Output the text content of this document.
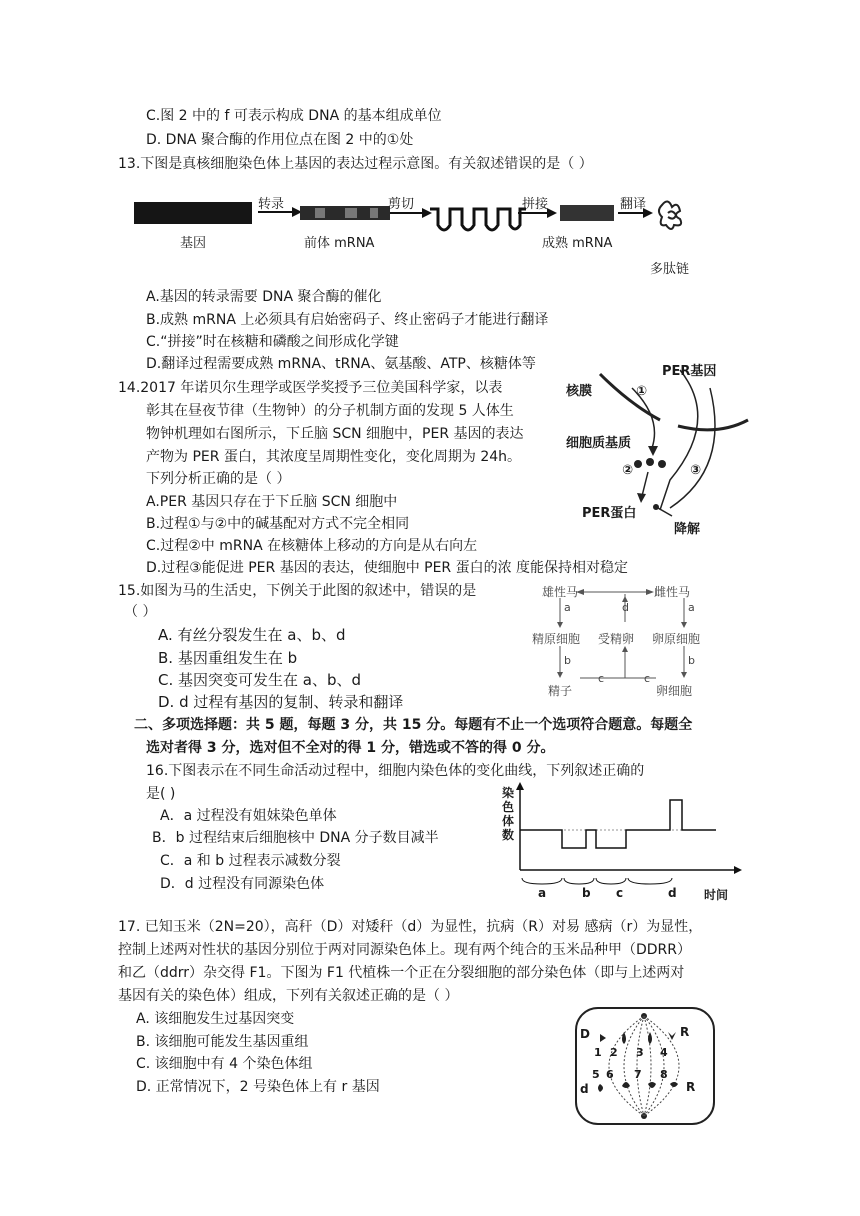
C.图 2 中的 f 可表示构成 DNA 的基本组成单位
D. DNA 聚合酶的作用位点在图 2 中的①处
13.下图是真核细胞染色体上基因的表达过程示意图。有关叙述错误的是（ ）
转录	剪切	拼接	翻译
基因	前体 mRNA	成熟 mRNA
多肽链
A.基因的转录需要 DNA 聚合酶的催化
B.成熟 mRNA 上必须具有启始密码子、终止密码子才能进行翻译
C.“拼接”时在核糖和磷酸之间形成化学键
D.翻译过程需要成熟 mRNA、tRNA、氨基酸、ATP、核糖体等
14.2017 年诺贝尔生理学或医学奖授予三位美国科学家，以表
彰其在昼夜节律（生物钟）的分子机制方面的发现 5 人体生
物钟机理如右图所示，下丘脑 SCN 细胞中，PER 基因的表达
产物为 PER 蛋白，其浓度呈周期性变化，变化周期为 24h。
下列分析正确的是（ ）
A.PER 基因只存在于下丘脑 SCN 细胞中
B.过程①与②中的碱基配对方式不完全相同
C.过程②中 mRNA 在核糖体上移动的方向是从右向左
D.过程③能促进 PER 基因的表达，使细胞中 PER 蛋白的浓 度能保持相对稳定
PER基因
核膜	①
细胞质基质
②	③
PER蛋白
降解
15.如图为马的生活史，下例关于此图的叙述中，错误的是
（ ）
A. 有丝分裂发生在 a、b、d
B. 基因重组发生在 b
C. 基因突变可发生在 a、b、d
D. d 过程有基因的复制、转录和翻译
雄性马	雌性马
a	d	a
精原细胞 受精卵 卵原细胞
b	b
c	c
精子	卵细胞
二、多项选择题：共 5 题，每题 3 分，共 15 分。每题有不止一个选项符合题意。每题全
选对者得 3 分，选对但不全对的得 1 分，错选或不答的得 0 分。
16.下图表示在不同生命活动过程中，细胞内染色体的变化曲线，下列叙述正确的
是( )
A．a 过程没有姐妹染色单体
B．b 过程结束后细胞核中 DNA 分子数目减半
C．a 和 b 过程表示减数分裂
D．d 过程没有同源染色体
染色体数
a	b c	d 时间
17. 已知玉米（2N=20），高秆（D）对矮秆（d）为显性，抗病（R）对易 感病（r）为显性，
控制上述两对性状的基因分别位于两对同源染色体上。现有两个纯合的玉米品种甲（DDRR）
和乙（ddrr）杂交得 F1。下图为 F1 代植株一个正在分裂细胞的部分染色体（即与上述两对
基因有关的染色体）组成，下列有关叙述正确的是（ ）
A. 该细胞发生过基因突变
B. 该细胞可能发生基因重组
C. 该细胞中有 4 个染色体组
D. 正常情况下，2 号染色体上有 r 基因
D	R
1 2 3 4
5 6 7 8
d	R
